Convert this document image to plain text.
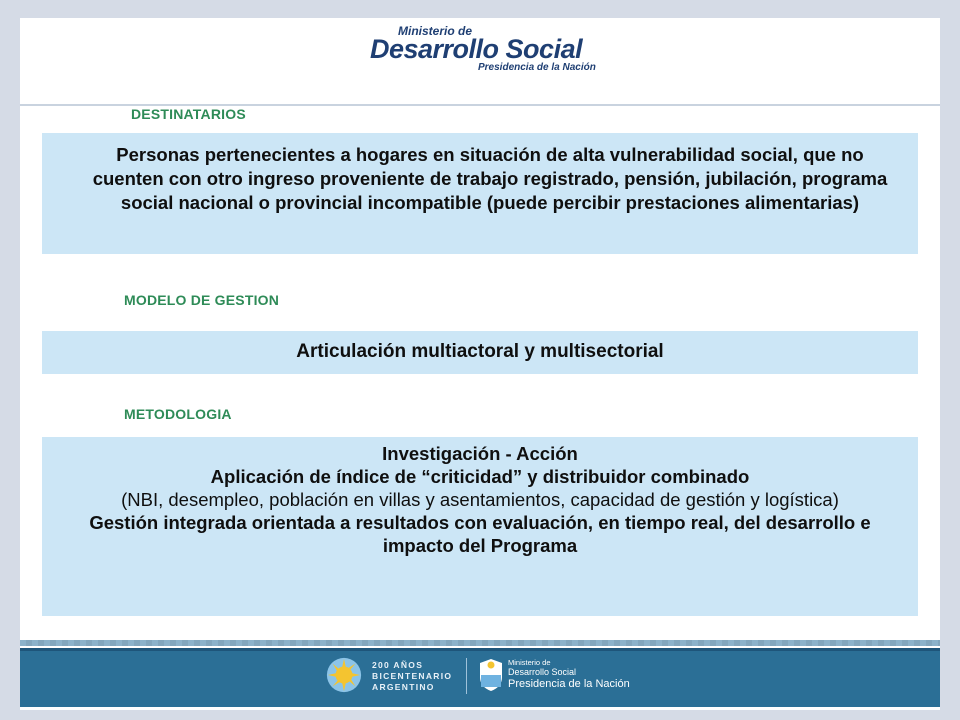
Ministerio de
Desarrollo Social
Presidencia de la Nación
DESTINATARIOS
Personas pertenecientes a hogares en situación de alta vulnerabilidad social, que no cuenten con otro ingreso proveniente de trabajo registrado, pensión, jubilación, programa social nacional o provincial incompatible (puede percibir prestaciones alimentarias)
MODELO DE GESTION
Articulación multiactoral y multisectorial
METODOLOGIA
Investigación - Acción
Aplicación de índice de “criticidad” y distribuidor combinado
(NBI, desempleo, población en villas y asentamientos, capacidad de gestión y logística)
Gestión integrada orientada a resultados con evaluación, en tiempo real, del desarrollo e impacto del Programa
200 AÑOS
BICENTENARIO
ARGENTINO
Ministerio de
Desarrollo Social
Presidencia de la Nación
